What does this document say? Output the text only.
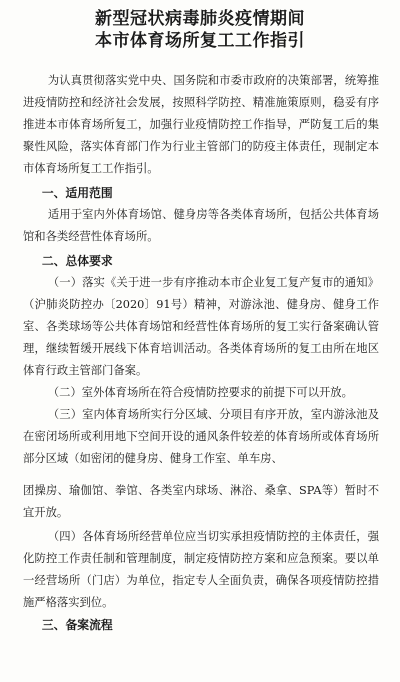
新型冠状病毒肺炎疫情期间

本市体育场所复工工作指引

为认真贯彻落实党中央、国务院和市委市政府的决策部署，统筹推进疫情防控和经济社会发展，按照科学防控、精准施策原则，稳妥有序推进本市体育场所复工，加强行业疫情防控工作指导，严防复工后的集聚性风险，落实体育部门作为行业主管部门的防疫主体责任，现制定本市体育场所复工工作指引。

一、适用范围

适用于室内外体育场馆、健身房等各类体育场所，包括公共体育场馆和各类经营性体育场所。

二、总体要求

（一）落实《关于进一步有序推动本市企业复工复产复市的通知》（沪肺炎防控办〔2020〕91号）精神，对游泳池、健身房、健身工作室、各类球场等公共体育场馆和经营性体育场所的复工实行备案确认管理，继续暂缓开展线下体育培训活动。各类体育场所的复工由所在地区体育行政主管部门备案。

（二）室外体育场所在符合疫情防控要求的前提下可以开放。

（三）室内体育场所实行分区域、分项目有序开放，室内游泳池及在密闭场所或利用地下空间开设的通风条件较差的体育场所或体育场所部分区域（如密闭的健身房、健身工作室、单车房、

团操房、瑜伽馆、拳馆、各类室内球场、淋浴、桑拿、SPA等）暂时不宜开放。

（四）各体育场所经营单位应当切实承担疫情防控的主体责任，强化防控工作责任制和管理制度，制定疫情防控方案和应急预案。要以单一经营场所（门店）为单位，指定专人全面负责，确保各项疫情防控措施严格落实到位。

三、备案流程
